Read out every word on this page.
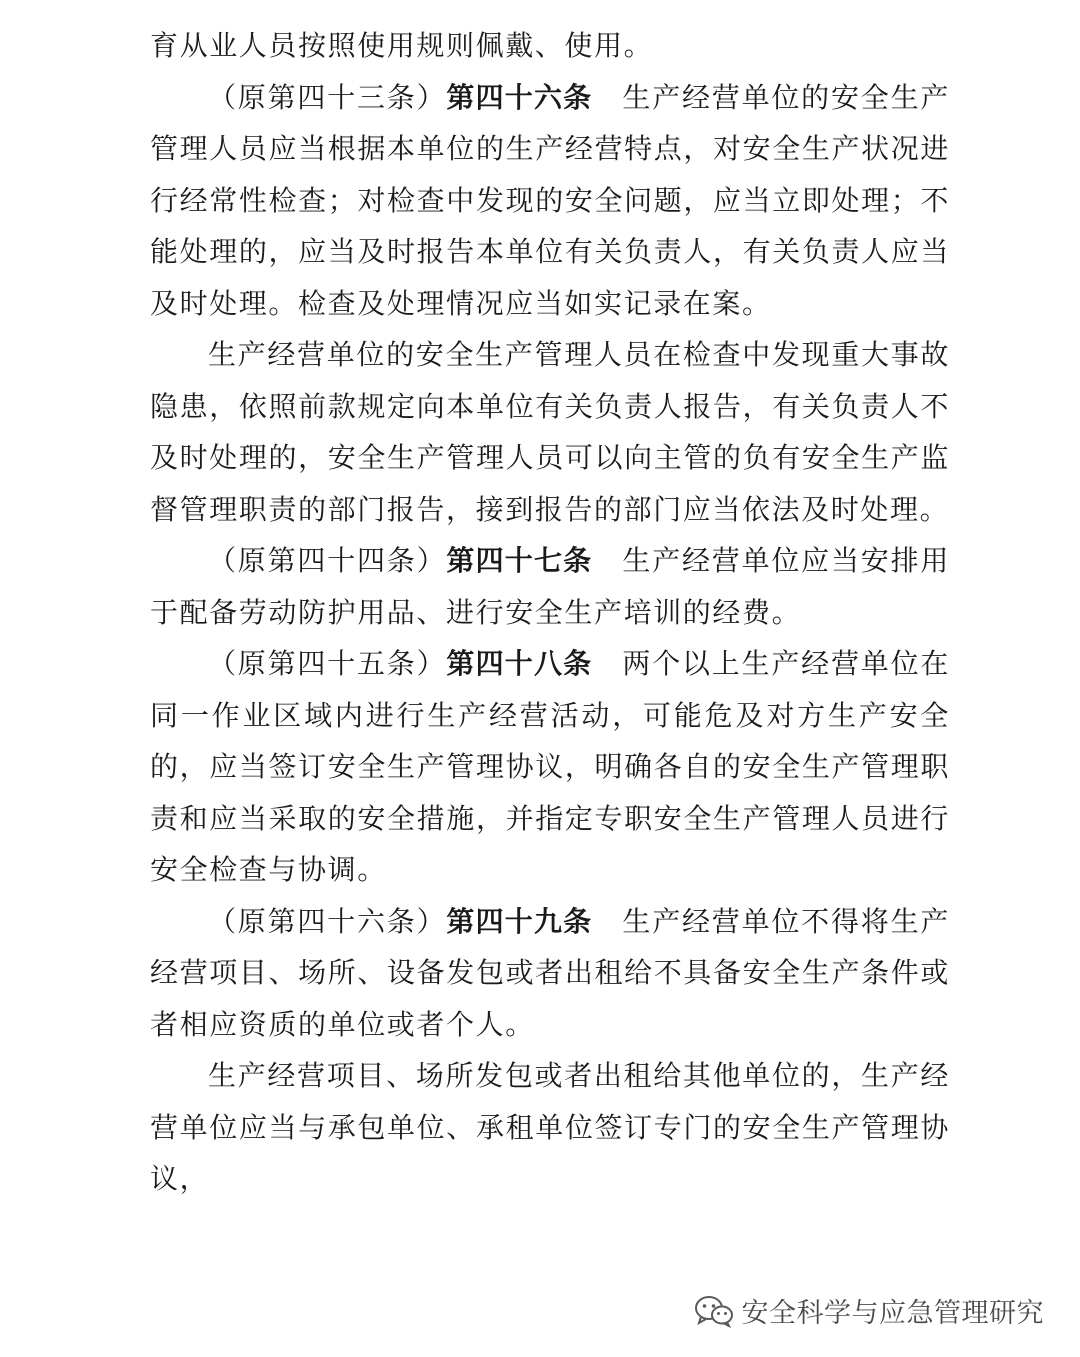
育从业人员按照使用规则佩戴、使用。

（原第四十三条）第四十六条 生产经营单位的安全生产管理人员应当根据本单位的生产经营特点，对安全生产状况进行经常性检查；对检查中发现的安全问题，应当立即处理；不能处理的，应当及时报告本单位有关负责人，有关负责人应当及时处理。检查及处理情况应当如实记录在案。

生产经营单位的安全生产管理人员在检查中发现重大事故隐患，依照前款规定向本单位有关负责人报告，有关负责人不及时处理的，安全生产管理人员可以向主管的负有安全生产监督管理职责的部门报告，接到报告的部门应当依法及时处理。

（原第四十四条）第四十七条 生产经营单位应当安排用于配备劳动防护用品、进行安全生产培训的经费。

（原第四十五条）第四十八条 两个以上生产经营单位在同一作业区域内进行生产经营活动，可能危及对方生产安全的，应当签订安全生产管理协议，明确各自的安全生产管理职责和应当采取的安全措施，并指定专职安全生产管理人员进行安全检查与协调。

（原第四十六条）第四十九条 生产经营单位不得将生产经营项目、场所、设备发包或者出租给不具备安全生产条件或者相应资质的单位或者个人。

生产经营项目、场所发包或者出租给其他单位的，生产经营单位应当与承包单位、承租单位签订专门的安全生产管理协议，

安全科学与应急管理研究
